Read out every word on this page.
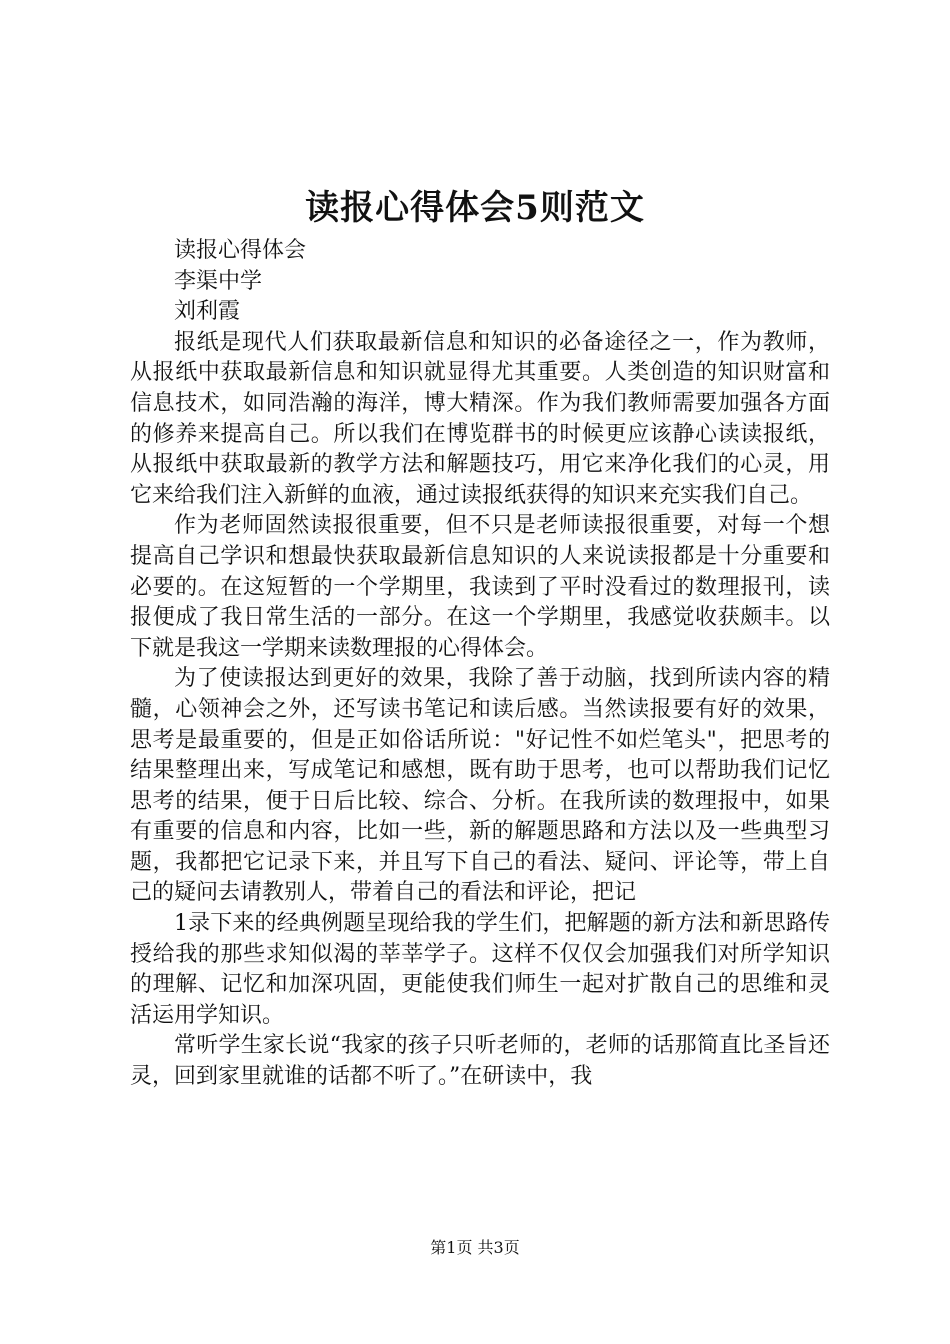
读报心得体会5则范文

读报心得体会

李渠中学

刘利霞

报纸是现代人们获取最新信息和知识的必备途径之一，作为教师，从报纸中获取最新信息和知识就显得尤其重要。人类创造的知识财富和信息技术，如同浩瀚的海洋，博大精深。作为我们教师需要加强各方面的修养来提高自己。所以我们在博览群书的时候更应该静心读读报纸，从报纸中获取最新的教学方法和解题技巧，用它来净化我们的心灵，用它来给我们注入新鲜的血液，通过读报纸获得的知识来充实我们自己。

作为老师固然读报很重要，但不只是老师读报很重要，对每一个想提高自己学识和想最快获取最新信息知识的人来说读报都是十分重要和必要的。在这短暂的一个学期里，我读到了平时没看过的数理报刊，读报便成了我日常生活的一部分。在这一个学期里，我感觉收获颇丰。以下就是我这一学期来读数理报的心得体会。

为了使读报达到更好的效果，我除了善于动脑，找到所读内容的精髓，心领神会之外，还写读书笔记和读后感。当然读报要有好的效果，思考是最重要的，但是正如俗话所说："好记性不如烂笔头"，把思考的结果整理出来，写成笔记和感想，既有助于思考，也可以帮助我们记忆思考的结果，便于日后比较、综合、分析。在我所读的数理报中，如果有重要的信息和内容，比如一些，新的解题思路和方法以及一些典型习题，我都把它记录下来，并且写下自己的看法、疑问、评论等，带上自己的疑问去请教别人，带着自己的看法和评论，把记

1录下来的经典例题呈现给我的学生们，把解题的新方法和新思路传授给我的那些求知似渴的莘莘学子。这样不仅仅会加强我们对所学知识的理解、记忆和加深巩固，更能使我们师生一起对扩散自己的思维和灵活运用学知识。

常听学生家长说“我家的孩子只听老师的，老师的话那简直比圣旨还灵，回到家里就谁的话都不听了。”在研读中，我

第1页 共3页
